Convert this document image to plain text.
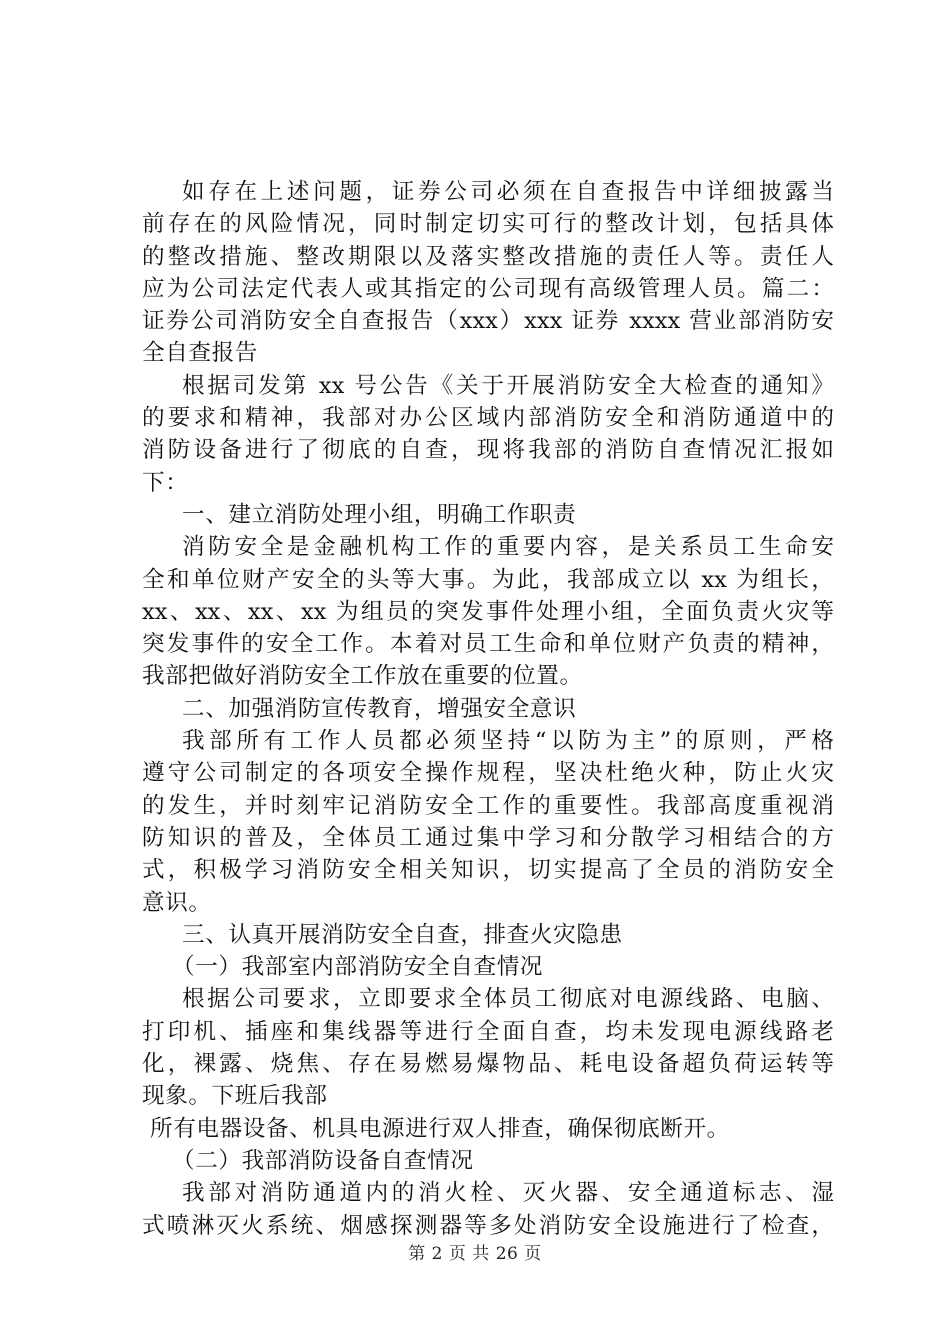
如存在上述问题，证券公司必须在自查报告中详细披露当
前存在的风险情况，同时制定切实可行的整改计划，包括具体
的整改措施、整改期限以及落实整改措施的责任人等。责任人
应为公司法定代表人或其指定的公司现有高级管理人员。篇二：
证券公司消防安全自查报告（xxx）xxx 证券 xxxx 营业部消防安
全自查报告
根据司发第 xx 号公告《关于开展消防安全大检查的通知》
的要求和精神，我部对办公区域内部消防安全和消防通道中的
消防设备进行了彻底的自查，现将我部的消防自查情况汇报如
下：
一、建立消防处理小组，明确工作职责
消防安全是金融机构工作的重要内容，是关系员工生命安
全和单位财产安全的头等大事。为此，我部成立以 xx 为组长，
xx、xx、xx、xx 为组员的突发事件处理小组，全面负责火灾等
突发事件的安全工作。本着对员工生命和单位财产负责的精神，
我部把做好消防安全工作放在重要的位置。
二、加强消防宣传教育，增强安全意识
我部所有工作人员都必须坚持“以防为主”的原则，严格
遵守公司制定的各项安全操作规程，坚决杜绝火种，防止火灾
的发生，并时刻牢记消防安全工作的重要性。我部高度重视消
防知识的普及，全体员工通过集中学习和分散学习相结合的方
式，积极学习消防安全相关知识，切实提高了全员的消防安全
意识。
三、认真开展消防安全自查，排查火灾隐患
（一）我部室内部消防安全自查情况
根据公司要求，立即要求全体员工彻底对电源线路、电脑、
打印机、插座和集线器等进行全面自查，均未发现电源线路老
化，裸露、烧焦、存在易燃易爆物品、耗电设备超负荷运转等
现象。下班后我部
所有电器设备、机具电源进行双人排查，确保彻底断开。
（二）我部消防设备自查情况
我部对消防通道内的消火栓、灭火器、安全通道标志、湿
式喷淋灭火系统、烟感探测器等多处消防安全设施进行了检查，
第 2 页 共 26 页
